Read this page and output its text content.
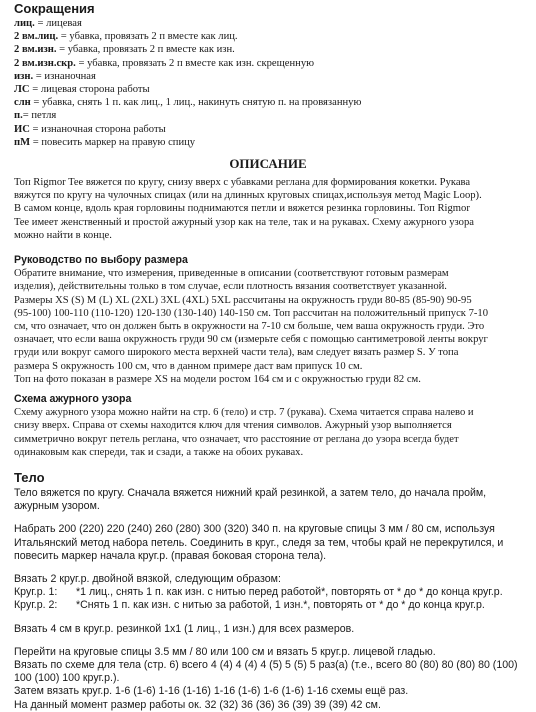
Сокращения
лиц. = лицевая
2 вм.лиц. = убавка, провязать 2 п вместе как лиц.
2 вм.изн. = убавка, провязать 2 п вместе как изн.
2 вм.изн.скр. = убавка, провязать 2 п вместе как изн. скрещенную
изн. = изнаночная
ЛС = лицевая сторона работы
слн = убавка, снять 1 п. как лиц., 1 лиц., накинуть снятую п. на провязанную
п.= петля
ИС = изнаночная сторона работы
пМ = повесить маркер на правую спицу
ОПИСАНИЕ

Топ Rigmor Tee вяжется по кругу, снизу вверх с убавками реглана для формирования кокетки. Рукава

вяжутся по кругу на чулочных спицах (или на длинных круговых спицах,используя метод Magic Loop).

В самом конце, вдоль края горловины поднимаются петли и вяжется резинка горловины. Топ Rigmor

Tee имеет женственный и простой ажурный узор как на теле, так и на рукавах. Схему ажурного узора

можно найти в конце.

Руководство по выбору размера

Обратите внимание, что измерения, приведенные в описании (соответствуют готовым размерам

изделия), действительны только в том случае, если плотность вязания соответствует указанной.

Размеры XS (S) M (L) XL (2XL) 3XL (4XL) 5XL рассчитаны на окружность груди 80-85 (85-90) 90-95

(95-100) 100-110 (110-120) 120-130 (130-140) 140-150 см. Топ рассчитан на положительный припуск 7-10

см, что означает, что он должен быть в окружности на 7-10 см больше, чем ваша окружность груди. Это

означает, что если ваша окружность груди 90 см (измерьте себя с помощью сантиметровой ленты вокруг

груди или вокруг самого широкого места верхней части тела), вам следует вязать размер S. У топа

размера S окружность 100 см, что в данном примере даст вам припуск 10 см.

Топ на фото показан в размере XS на модели ростом 164 см и с окружностью груди 82 см.

Схема ажурного узора

Схему ажурного узора можно найти на стр. 6 (тело) и стр. 7 (рукава). Схема читается справа налево и

снизу вверх. Справа от схемы находится ключ для чтения символов. Ажурный узор выполняется

симметрично вокруг петель реглана, что означает, что расстояние от реглана до узора всегда будет

одинаковым как спереди, так и сзади, а также на обоих рукавах.

Тело

Тело вяжется по кругу. Сначала вяжется нижний край резинкой, а затем тело, до начала пройм,

ажурным узором.

Набрать 200 (220) 220 (240) 260 (280) 300 (320) 340 п. на круговые спицы 3 мм / 80 см, используя

Итальянский метод набора петель. Соединить в круг., следя за тем, чтобы край не перекрутился, и

повесить маркер начала круг.р. (правая боковая сторона тела).

Вязать 2 круг.р. двойной вязкой, следующим образом:

Круг.р. 1:	*1 лиц., снять 1 п. как изн. с нитью перед работой*, повторять от * до * до конца круг.р.
Круг.р. 2:	*Снять 1 п. как изн. с нитью за работой, 1 изн.*, повторять от * до * до конца круг.р.

Вязать 4 см в круг.р. резинкой 1x1 (1 лиц., 1 изн.) для всех размеров.

Перейти на круговые спицы 3.5 мм / 80 или 100 см и вязать 5 круг.р. лицевой гладью.

Вязать по схеме для тела (стр. 6) всего 4 (4) 4 (4) 4 (5) 5 (5) 5 раз(а) (т.е., всего 80 (80) 80 (80) 80 (100)

100 (100) 100 круг.р.).

Затем вязать круг.р. 1-6 (1-6) 1-16 (1-16) 1-16 (1-6) 1-6 (1-6) 1-16 схемы ещё раз.

На данный момент размер работы ок. 32 (32) 36 (36) 36 (39) 39 (39) 42 см.
